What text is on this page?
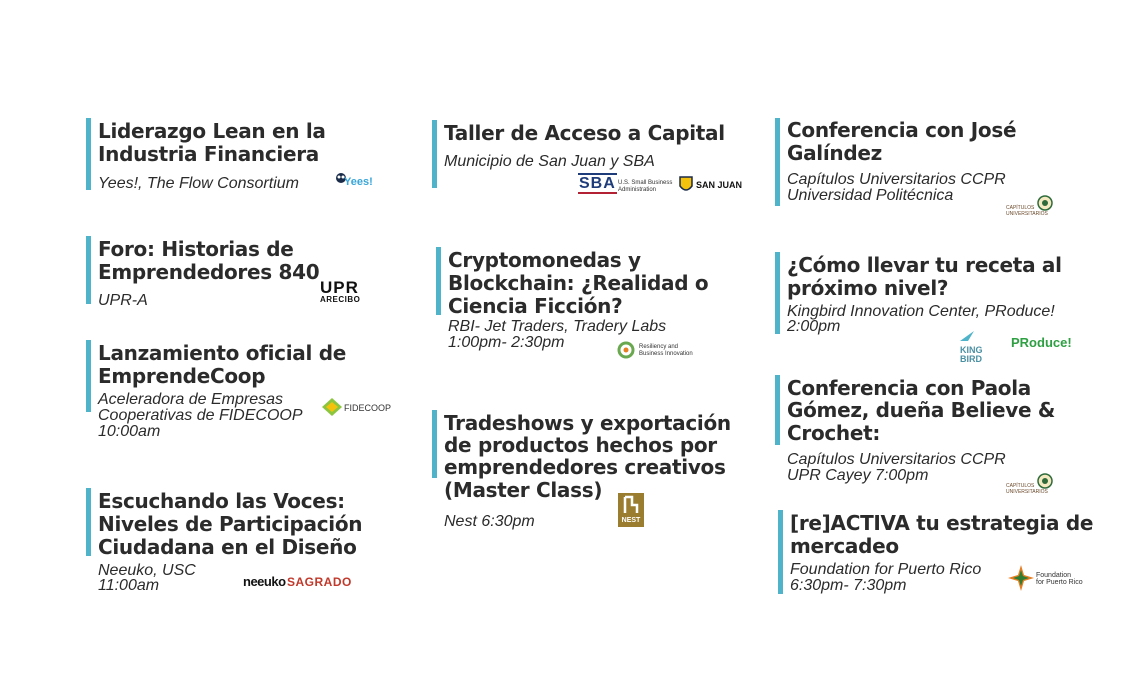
Liderazgo Lean en la
Industria Financiera
Yees!, The Flow Consortium	Yees!
Foro: Historias de
Emprendedores 840
UPR-A
UPR
ARECIBO
Lanzamiento oficial de
EmprendeCoop
Aceleradora de Empresas
Cooperativas de FIDECOOP
10:00am
FIDECOOP
Escuchando las Voces:
Niveles de Participación
Ciudadana en el Diseño
Neeuko, USC
11:00am	neeuko SAGRADO
Taller de Acceso a Capital
Municipio de San Juan y SBA
SBA U.S. Small Business
Administration	SAN JUAN
Cryptomonedas y
Blockchain: ¿Realidad o
Ciencia Ficción?
RBI- Jet Traders, Tradery Labs
1:00pm- 2:30pm	Resiliency and
Business Innovation
Tradeshows y exportación
de productos hechos por
emprendedores creativos
(Master Class)
Nest 6:30pm	NEST
Conferencia con José
Galíndez
Capítulos Universitarios CCPR
Universidad Politécnica
CAPÍTULOS UNIVERSITARIOS
¿Cómo llevar tu receta al
próximo nivel?
Kingbird Innovation Center, PRoduce!
2:00pm
KING
BIRD
PRoduce!
Conferencia con Paola
Gómez, dueña Believe &
Crochet:
Capítulos Universitarios CCPR
UPR Cayey 7:00pm
CAPÍTULOS UNIVERSITARIOS
[re]ACTIVA tu estrategia de
mercadeo
Foundation for Puerto Rico
6:30pm- 7:30pm
Foundation
for Puerto Rico
